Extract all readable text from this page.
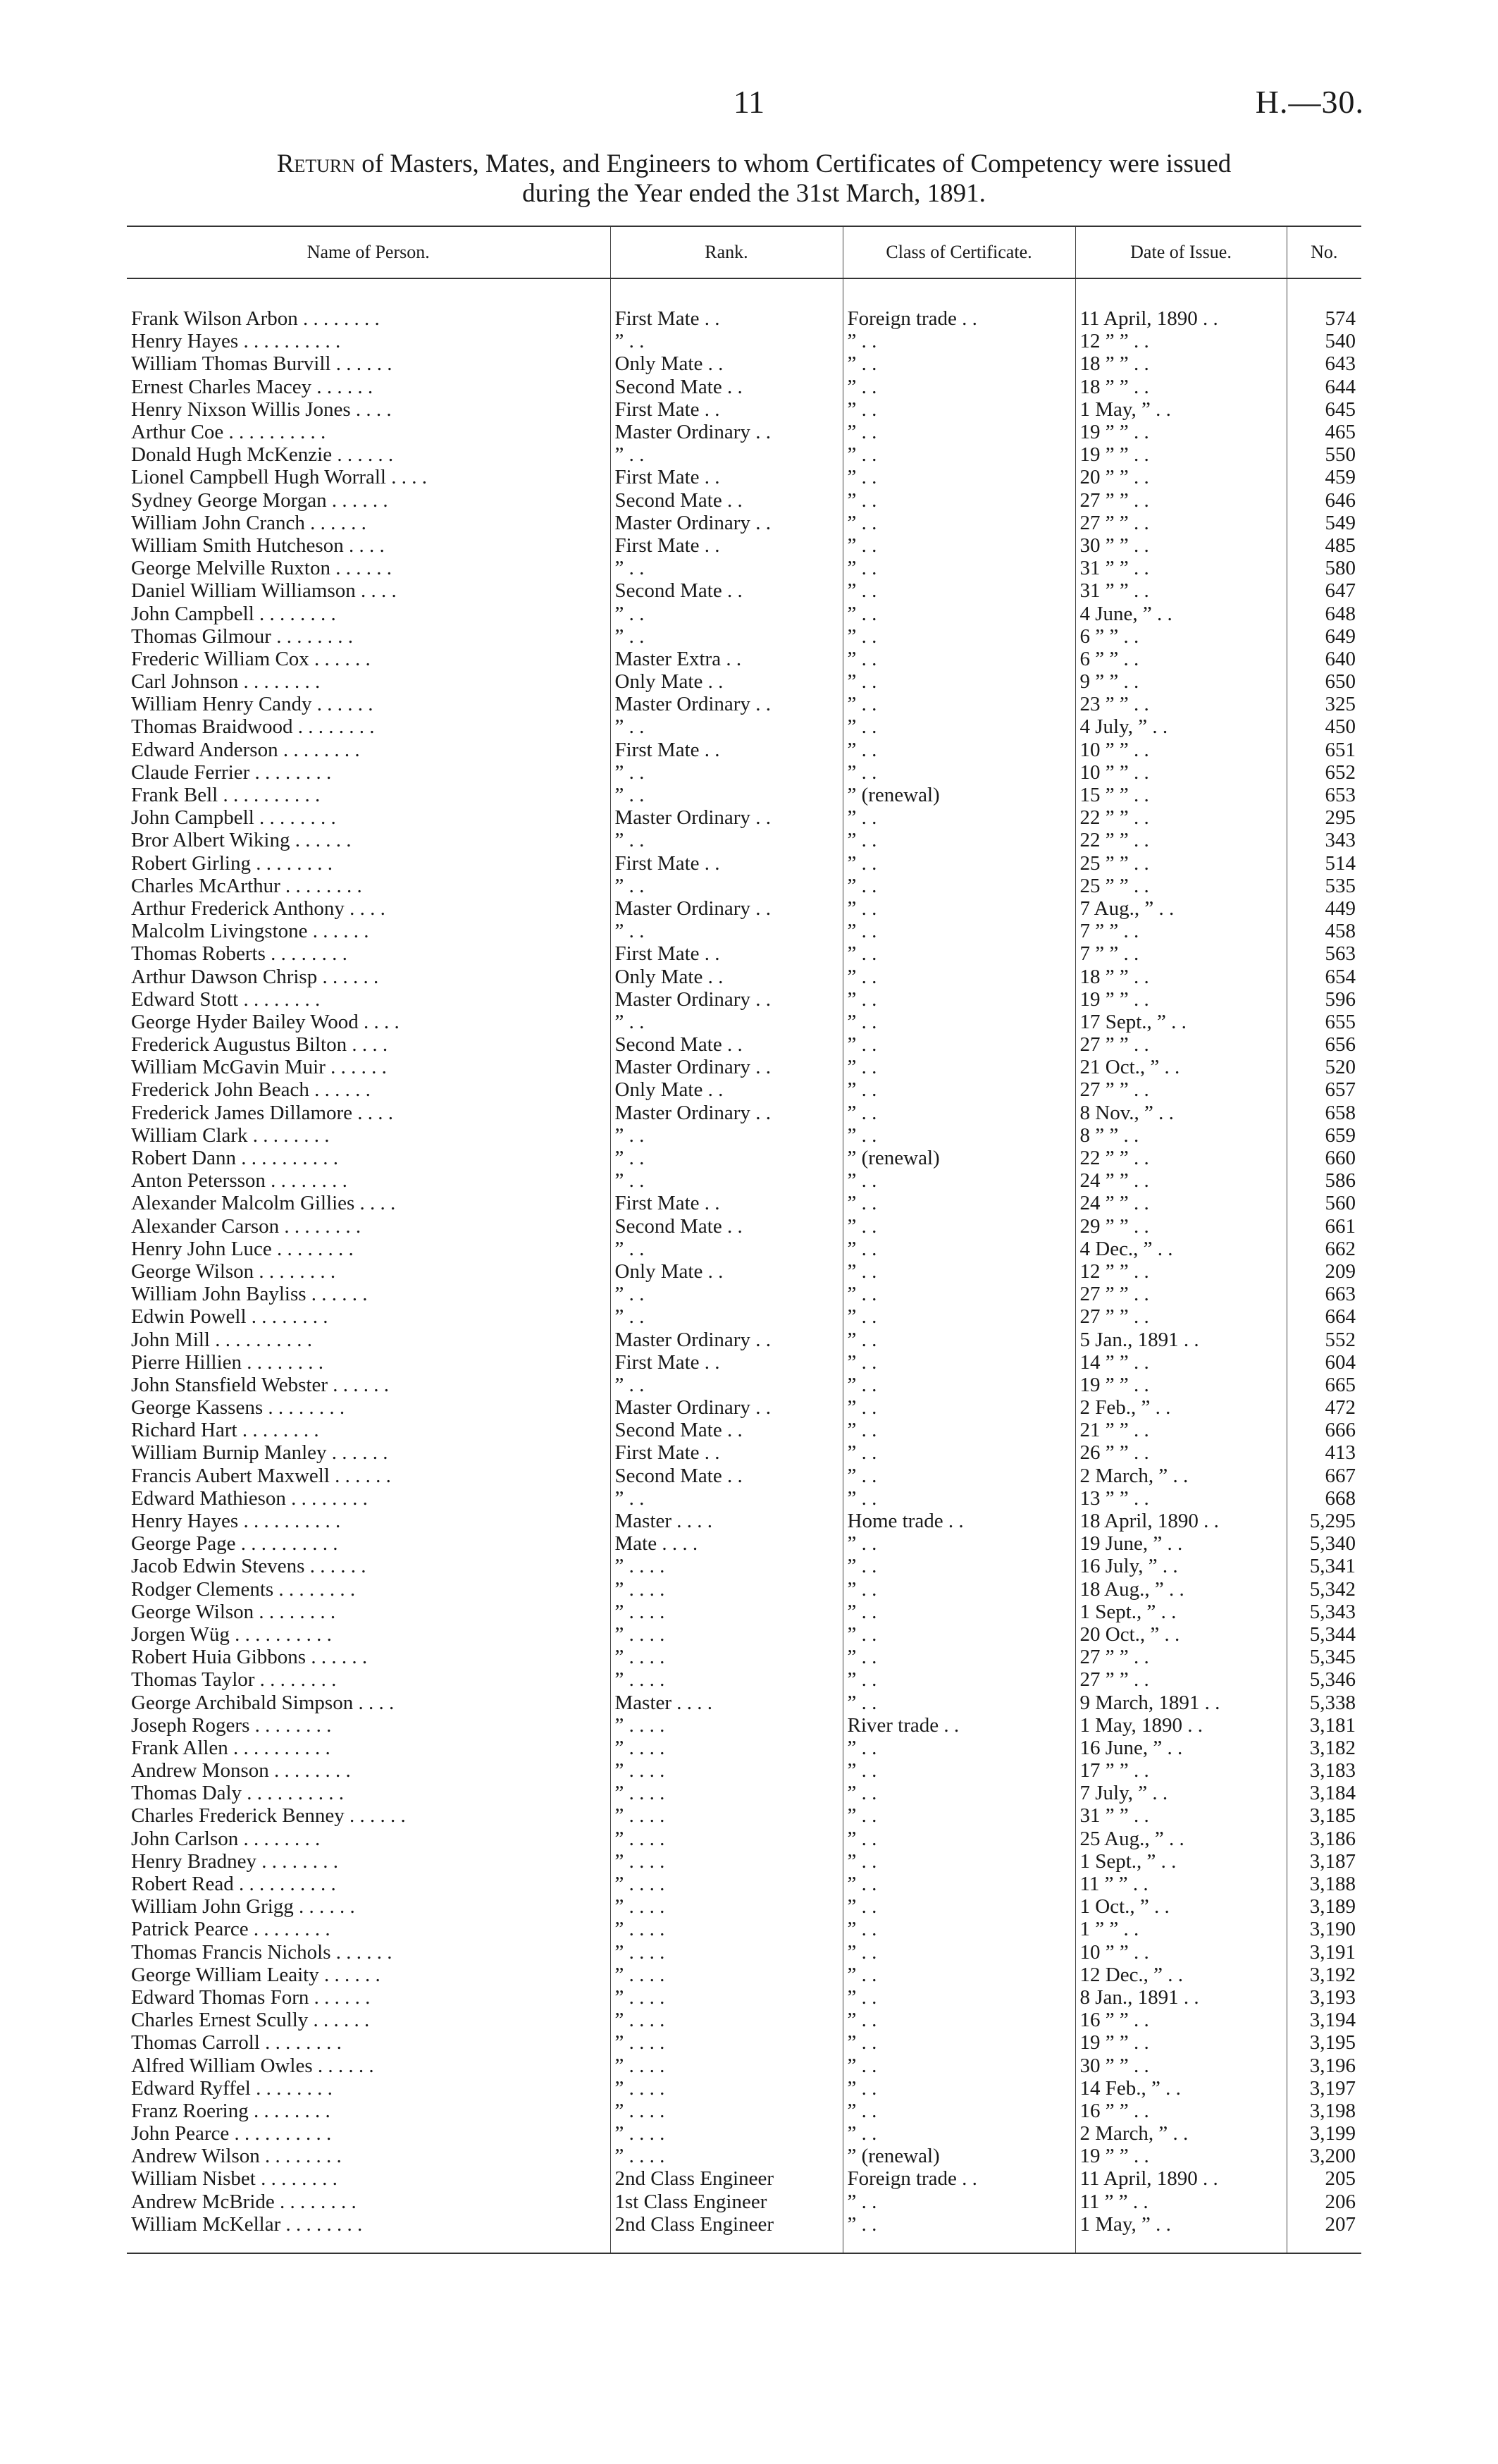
11	H.—30.
Return of Masters, Mates, and Engineers to whom Certificates of Competency were issued
during the Year ended the 31st March, 1891.
Name of Person.	Rank.	Class of Certificate.	Date of Issue.	No.

Frank Wilson Arbon . . . . . . . .	First Mate . .	Foreign trade . .	11 April, 1890 . .	574
Henry Hayes . . . . . . . . . .	” . .	” . .	12 ” ” . .	540
William Thomas Burvill . . . . . .	Only Mate . .	” . .	18 ” ” . .	643
Ernest Charles Macey . . . . . .	Second Mate . .	” . .	18 ” ” . .	644
Henry Nixson Willis Jones . . . .	First Mate . .	” . .	1 May, ” . .	645
Arthur Coe . . . . . . . . . .	Master Ordinary . .	” . .	19 ” ” . .	465
Donald Hugh McKenzie . . . . . .	” . .	” . .	19 ” ” . .	550
Lionel Campbell Hugh Worrall . . . .	First Mate . .	” . .	20 ” ” . .	459
Sydney George Morgan . . . . . .	Second Mate . .	” . .	27 ” ” . .	646
William John Cranch . . . . . .	Master Ordinary . .	” . .	27 ” ” . .	549
William Smith Hutcheson . . . .	First Mate . .	” . .	30 ” ” . .	485
George Melville Ruxton . . . . . .	” . .	” . .	31 ” ” . .	580
Daniel William Williamson . . . .	Second Mate . .	” . .	31 ” ” . .	647
John Campbell . . . . . . . .	” . .	” . .	4 June, ” . .	648
Thomas Gilmour . . . . . . . .	” . .	” . .	6 ” ” . .	649
Frederic William Cox . . . . . .	Master Extra . .	” . .	6 ” ” . .	640
Carl Johnson . . . . . . . .	Only Mate . .	” . .	9 ” ” . .	650
William Henry Candy . . . . . .	Master Ordinary . .	” . .	23 ” ” . .	325
Thomas Braidwood . . . . . . . .	” . .	” . .	4 July, ” . .	450
Edward Anderson . . . . . . . .	First Mate . .	” . .	10 ” ” . .	651
Claude Ferrier . . . . . . . .	” . .	” . .	10 ” ” . .	652
Frank Bell . . . . . . . . . .	” . .	” (renewal)	15 ” ” . .	653
John Campbell . . . . . . . .	Master Ordinary . .	” . .	22 ” ” . .	295
Bror Albert Wiking . . . . . .	” . .	” . .	22 ” ” . .	343
Robert Girling . . . . . . . .	First Mate . .	” . .	25 ” ” . .	514
Charles McArthur . . . . . . . .	” . .	” . .	25 ” ” . .	535
Arthur Frederick Anthony . . . .	Master Ordinary . .	” . .	7 Aug., ” . .	449
Malcolm Livingstone . . . . . .	” . .	” . .	7 ” ” . .	458
Thomas Roberts . . . . . . . .	First Mate . .	” . .	7 ” ” . .	563
Arthur Dawson Chrisp . . . . . .	Only Mate . .	” . .	18 ” ” . .	654
Edward Stott . . . . . . . .	Master Ordinary . .	” . .	19 ” ” . .	596
George Hyder Bailey Wood . . . .	” . .	” . .	17 Sept., ” . .	655
Frederick Augustus Bilton . . . .	Second Mate . .	” . .	27 ” ” . .	656
William McGavin Muir . . . . . .	Master Ordinary . .	” . .	21 Oct., ” . .	520
Frederick John Beach . . . . . .	Only Mate . .	” . .	27 ” ” . .	657
Frederick James Dillamore . . . .	Master Ordinary . .	” . .	8 Nov., ” . .	658
William Clark . . . . . . . .	” . .	” . .	8 ” ” . .	659
Robert Dann . . . . . . . . . .	” . .	” (renewal)	22 ” ” . .	660
Anton Petersson . . . . . . . .	” . .	” . .	24 ” ” . .	586
Alexander Malcolm Gillies . . . .	First Mate . .	” . .	24 ” ” . .	560
Alexander Carson . . . . . . . .	Second Mate . .	” . .	29 ” ” . .	661
Henry John Luce . . . . . . . .	” . .	” . .	4 Dec., ” . .	662
George Wilson . . . . . . . .	Only Mate . .	” . .	12 ” ” . .	209
William John Bayliss . . . . . .	” . .	” . .	27 ” ” . .	663
Edwin Powell . . . . . . . .	” . .	” . .	27 ” ” . .	664
John Mill . . . . . . . . . .	Master Ordinary . .	” . .	5 Jan., 1891 . .	552
Pierre Hillien . . . . . . . .	First Mate . .	” . .	14 ” ” . .	604
John Stansfield Webster . . . . . .	” . .	” . .	19 ” ” . .	665
George Kassens . . . . . . . .	Master Ordinary . .	” . .	2 Feb., ” . .	472
Richard Hart . . . . . . . .	Second Mate . .	” . .	21 ” ” . .	666
William Burnip Manley . . . . . .	First Mate . .	” . .	26 ” ” . .	413
Francis Aubert Maxwell . . . . . .	Second Mate . .	” . .	2 March, ” . .	667
Edward Mathieson . . . . . . . .	” . .	” . .	13 ” ” . .	668
Henry Hayes . . . . . . . . . .	Master . . . .	Home trade . .	18 April, 1890 . .	5,295
George Page . . . . . . . . . .	Mate . . . .	” . .	19 June, ” . .	5,340
Jacob Edwin Stevens . . . . . .	” . . . .	” . .	16 July, ” . .	5,341
Rodger Clements . . . . . . . .	” . . . .	” . .	18 Aug., ” . .	5,342
George Wilson . . . . . . . .	” . . . .	” . .	1 Sept., ” . .	5,343
Jorgen Wüg . . . . . . . . . .	” . . . .	” . .	20 Oct., ” . .	5,344
Robert Huia Gibbons . . . . . .	” . . . .	” . .	27 ” ” . .	5,345
Thomas Taylor . . . . . . . .	” . . . .	” . .	27 ” ” . .	5,346
George Archibald Simpson . . . .	Master . . . .	” . .	9 March, 1891 . .	5,338
Joseph Rogers . . . . . . . .	” . . . .	River trade . .	1 May, 1890 . .	3,181
Frank Allen . . . . . . . . . .	” . . . .	” . .	16 June, ” . .	3,182
Andrew Monson . . . . . . . .	” . . . .	” . .	17 ” ” . .	3,183
Thomas Daly . . . . . . . . . .	” . . . .	” . .	7 July, ” . .	3,184
Charles Frederick Benney . . . . . .	” . . . .	” . .	31 ” ” . .	3,185
John Carlson . . . . . . . .	” . . . .	” . .	25 Aug., ” . .	3,186
Henry Bradney . . . . . . . .	” . . . .	” . .	1 Sept., ” . .	3,187
Robert Read . . . . . . . . . .	” . . . .	” . .	11 ” ” . .	3,188
William John Grigg . . . . . .	” . . . .	” . .	1 Oct., ” . .	3,189
Patrick Pearce . . . . . . . .	” . . . .	” . .	1 ” ” . .	3,190
Thomas Francis Nichols . . . . . .	” . . . .	” . .	10 ” ” . .	3,191
George William Leaity . . . . . .	” . . . .	” . .	12 Dec., ” . .	3,192
Edward Thomas Forn . . . . . .	” . . . .	” . .	8 Jan., 1891 . .	3,193
Charles Ernest Scully . . . . . .	” . . . .	” . .	16 ” ” . .	3,194
Thomas Carroll . . . . . . . .	” . . . .	” . .	19 ” ” . .	3,195
Alfred William Owles . . . . . .	” . . . .	” . .	30 ” ” . .	3,196
Edward Ryffel . . . . . . . .	” . . . .	” . .	14 Feb., ” . .	3,197
Franz Roering . . . . . . . .	” . . . .	” . .	16 ” ” . .	3,198
John Pearce . . . . . . . . . .	” . . . .	” . .	2 March, ” . .	3,199
Andrew Wilson . . . . . . . .	” . . . .	” (renewal)	19 ” ” . .	3,200
William Nisbet . . . . . . . .	2nd Class Engineer	Foreign trade . .	11 April, 1890 . .	205
Andrew McBride . . . . . . . .	1st Class Engineer	” . .	11 ” ” . .	206
William McKellar . . . . . . . .	2nd Class Engineer	” . .	1 May, ” . .	207
